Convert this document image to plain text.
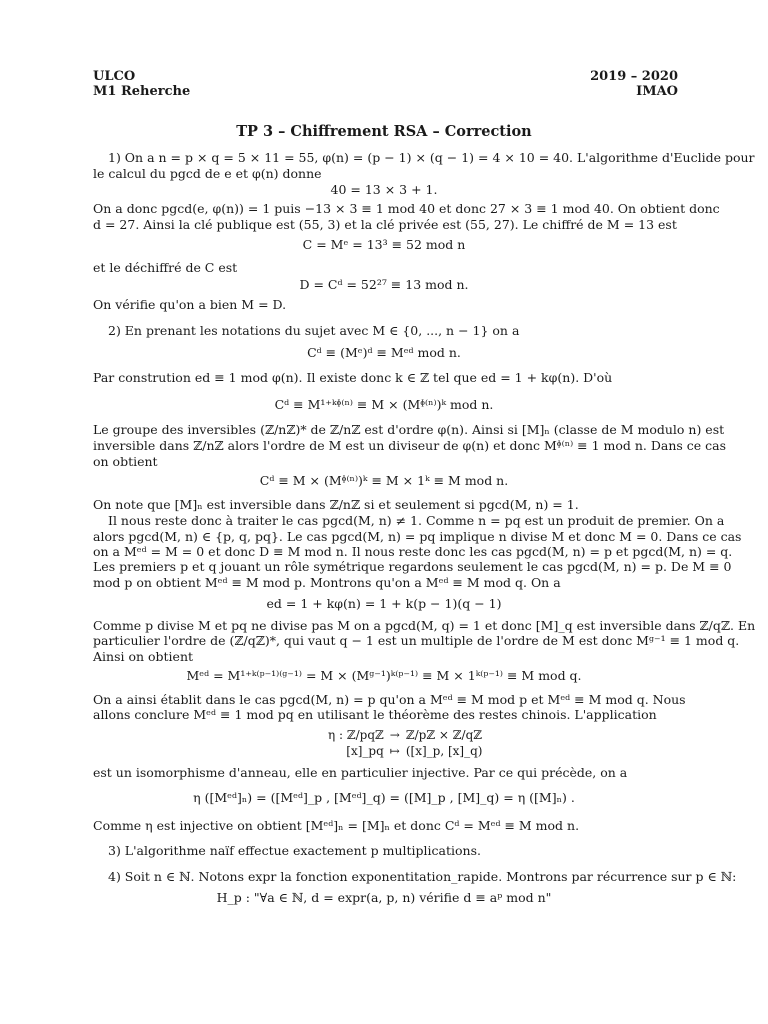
ULCO
M1 Reherche
2019 – 2020
IMAO
TP 3 – Chiffrement RSA – Correction
1) On a n = p × q = 5 × 11 = 55, φ(n) = (p − 1) × (q − 1) = 4 × 10 = 40. L'algorithme d'Euclide pour
le calcul du pgcd de e et φ(n) donne
40 = 13 × 3 + 1.
On a donc pgcd(e, φ(n)) = 1 puis −13 × 3 ≡ 1 mod 40 et donc 27 × 3 ≡ 1 mod 40. On obtient donc
d = 27. Ainsi la clé publique est (55, 3) et la clé privée est (55, 27). Le chiffré de M = 13 est
C = Mᵉ = 13³ ≡ 52 mod n
et le déchiffré de C est
D = Cᵈ = 52²⁷ ≡ 13 mod n.
On vérifie qu'on a bien M = D.
2) En prenant les notations du sujet avec M ∈ {0, ..., n − 1} on a
Cᵈ ≡ (Mᵉ)ᵈ ≡ Mᵉᵈ mod n.
Par constrution ed ≡ 1 mod φ(n). Il existe donc k ∈ ℤ tel que ed = 1 + kφ(n). D'où
Cᵈ ≡ M¹⁺ᵏᶲ⁽ⁿ⁾ ≡ M × (Mᶲ⁽ⁿ⁾)ᵏ mod n.
Le groupe des inversibles (ℤ/nℤ)* de ℤ/nℤ est d'ordre φ(n). Ainsi si [M]ₙ (classe de M modulo n) est
inversible dans ℤ/nℤ alors l'ordre de M est un diviseur de φ(n) et donc Mᶲ⁽ⁿ⁾ ≡ 1 mod n. Dans ce cas
on obtient
Cᵈ ≡ M × (Mᶲ⁽ⁿ⁾)ᵏ ≡ M × 1ᵏ ≡ M mod n.
On note que [M]ₙ est inversible dans ℤ/nℤ si et seulement si pgcd(M, n) = 1.
Il nous reste donc à traiter le cas pgcd(M, n) ≠ 1. Comme n = pq est un produit de premier. On a
alors pgcd(M, n) ∈ {p, q, pq}. Le cas pgcd(M, n) = pq implique n divise M et donc M = 0. Dans ce cas
on a Mᵉᵈ = M = 0 et donc D ≡ M mod n. Il nous reste donc les cas pgcd(M, n) = p et pgcd(M, n) = q.
Les premiers p et q jouant un rôle symétrique regardons seulement le cas pgcd(M, n) = p. De M ≡ 0
mod p on obtient Mᵉᵈ ≡ M mod p. Montrons qu'on a Mᵉᵈ ≡ M mod q. On a
ed = 1 + kφ(n) = 1 + k(p − 1)(q − 1)
Comme p divise M et pq ne divise pas M on a pgcd(M, q) = 1 et donc [M]_q est inversible dans ℤ/qℤ. En
particulier l'ordre de (ℤ/qℤ)*, qui vaut q − 1 est un multiple de l'ordre de M est donc Mᵍ⁻¹ ≡ 1 mod q.
Ainsi on obtient
Mᵉᵈ = M¹⁺ᵏ⁽ᵖ⁻¹⁾⁽ᵍ⁻¹⁾ = M × (Mᵍ⁻¹)ᵏ⁽ᵖ⁻¹⁾ ≡ M × 1ᵏ⁽ᵖ⁻¹⁾ ≡ M mod q.
On a ainsi établit dans le cas pgcd(M, n) = p qu'on a Mᵉᵈ ≡ M mod p et Mᵉᵈ ≡ M mod q. Nous
allons conclure Mᵉᵈ ≡ 1 mod pq en utilisant le théorème des restes chinois. L'application
η : ℤ/pqℤ	→	ℤ/pℤ × ℤ/qℤ
[x]_pq	↦	([x]_p, [x]_q)
est un isomorphisme d'anneau, elle en particulier injective. Par ce qui précède, on a
η ([Mᵉᵈ]ₙ) = ([Mᵉᵈ]_p , [Mᵉᵈ]_q) = ([M]_p , [M]_q) = η ([M]ₙ) .
Comme η est injective on obtient [Mᵉᵈ]ₙ = [M]ₙ et donc Cᵈ = Mᵉᵈ ≡ M mod n.
3) L'algorithme naïf effectue exactement p multiplications.
4) Soit n ∈ ℕ. Notons expr la fonction exponentitation_rapide. Montrons par récurrence sur p ∈ ℕ:
H_p : "∀a ∈ ℕ, d = expr(a, p, n) vérifie d ≡ aᵖ mod n"
